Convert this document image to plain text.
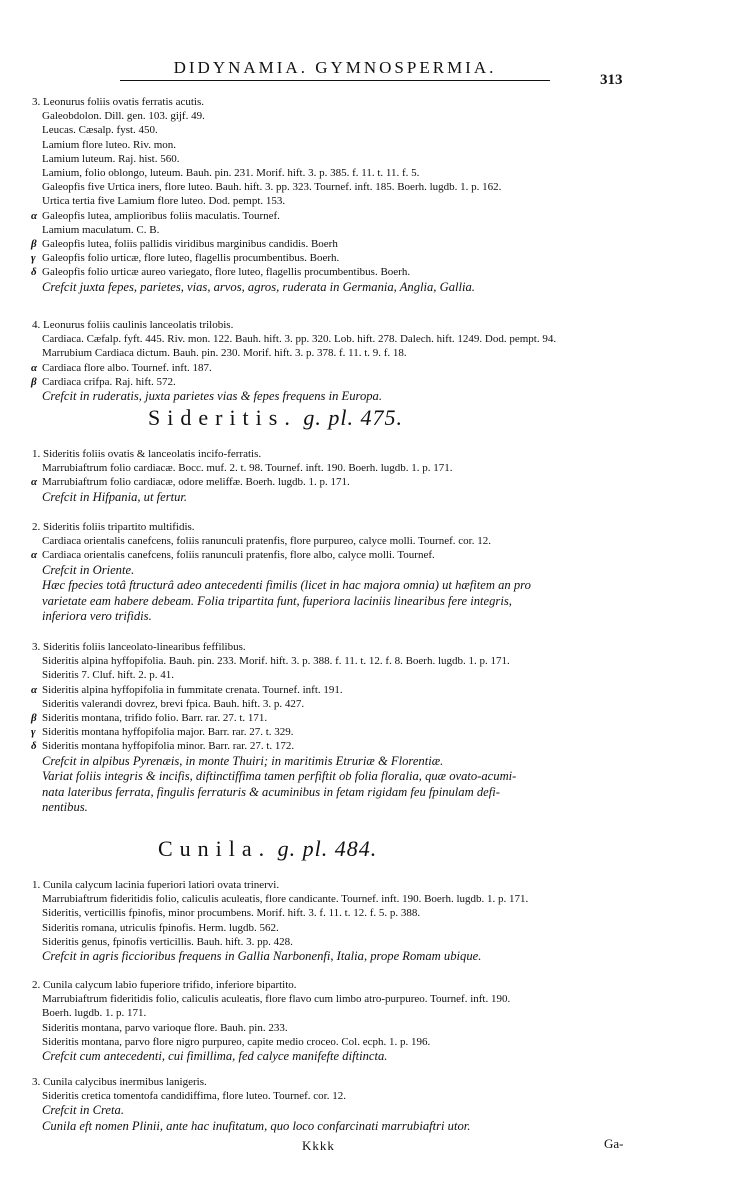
DIDYNAMIA. GYMNOSPERMIA.
313
3. Leonurus foliis ovatis ferratis acutis.
Galeobdolon. Dill. gen. 103. gijf. 49.
Leucas. Cæsalp. fyst. 450.
Lamium flore luteo. Riv. mon.
Lamium luteum. Raj. hist. 560.
Lamium, folio oblongo, luteum. Bauh. pin. 231. Morif. hift. 3. p. 385. f. 11. t. 11. f. 5.
Galeopfis five Urtica iners, flore luteo. Bauh. hift. 3. pp. 323. Tournef. inft. 185. Boerh. lugdb. 1. p. 162.
Urtica tertia five Lamium flore luteo. Dod. pempt. 153.
α Galeopfis lutea, amplioribus foliis maculatis. Tournef.
Lamium maculatum. C. B.
β Galeopfis lutea, foliis pallidis viridibus marginibus candidis. Boerh
γ Galeopfis folio urticæ, flore luteo, flagellis procumbentibus. Boerh.
δ Galeopfis folio urticæ aureo variegato, flore luteo, flagellis procumbentibus. Boerh.
Crefcit juxta fepes, parietes, vias, arvos, agros, ruderata in Germania, Anglia, Gallia.
4. Leonurus foliis caulinis lanceolatis trilobis.
Cardiaca. Cæfalp. fyft. 445. Riv. mon. 122. Bauh. hift. 3. pp. 320. Lob. hift. 278. Dalech. hift. 1249. Dod. pempt. 94.
Marrubium Cardiaca dictum. Bauh. pin. 230. Morif. hift. 3. p. 378. f. 11. t. 9. f. 18.
α Cardiaca flore albo. Tournef. inft. 187.
β Cardiaca crifpa. Raj. hift. 572.
Crefcit in ruderatis, juxta parietes vias & fepes frequens in Europa.
Sideritis. g. pl. 475.
1. Sideritis foliis ovatis & lanceolatis incifo-ferratis.
Marrubiaftrum folio cardiacæ. Bocc. muf. 2. t. 98. Tournef. inft. 190. Boerh. lugdb. 1. p. 171.
α Marrubiaftrum folio cardiacæ, odore meliffæ. Boerh. lugdb. 1. p. 171.
Crefcit in Hifpania, ut fertur.
2. Sideritis foliis tripartito multifidis.
Cardiaca orientalis canefcens, foliis ranunculi pratenfis, flore purpureo, calyce molli. Tournef. cor. 12.
α Cardiaca orientalis canefcens, foliis ranunculi pratenfis, flore albo, calyce molli. Tournef.
Crefcit in Oriente.
Hæc fpecies totâ ftructurâ adeo antecedenti fimilis (licet in hac majora omnia) ut hæfitem an pro
varietate eam habere debeam. Folia tripartita funt, fuperiora laciniis linearibus fere integris,
inferiora vero trifidis.
3. Sideritis foliis lanceolato-linearibus feffilibus.
Sideritis alpina hyffopifolia. Bauh. pin. 233. Morif. hift. 3. p. 388. f. 11. t. 12. f. 8. Boerh. lugdb. 1. p. 171.
Sideritis 7. Cluf. hift. 2. p. 41.
α Sideritis alpina hyffopifolia in fummitate crenata. Tournef. inft. 191.
Sideritis valerandi dovrez, brevi fpica. Bauh. hift. 3. p. 427.
β Sideritis montana, trifido folio. Barr. rar. 27. t. 171.
γ Sideritis montana hyffopifolia major. Barr. rar. 27. t. 329.
δ Sideritis montana hyffopifolia minor. Barr. rar. 27. t. 172.
Crefcit in alpibus Pyrenæis, in monte Thuiri; in maritimis Etruriæ & Florentiæ.
Variat foliis integris & incifis, diftinctiffima tamen perfiftit ob folia floralia, quæ ovato-acumi-
nata lateribus ferrata, fingulis ferraturis & acuminibus in fetam rigidam feu fpinulam defi-
nentibus.
Cunila. g. pl. 484.
1. Cunila calycum lacinia fuperiori latiori ovata trinervi.
Marrubiaftrum fideritidis folio, caliculis aculeatis, flore candicante. Tournef. inft. 190. Boerh. lugdb. 1. p. 171.
Sideritis, verticillis fpinofis, minor procumbens. Morif. hift. 3. f. 11. t. 12. f. 5. p. 388.
Sideritis romana, utriculis fpinofis. Herm. lugdb. 562.
Sideritis genus, fpinofis verticillis. Bauh. hift. 3. pp. 428.
Crefcit in agris ficcioribus frequens in Gallia Narbonenfi, Italia, prope Romam ubique.
2. Cunila calycum labio fuperiore trifido, inferiore bipartito.
Marrubiaftrum fideritidis folio, caliculis aculeatis, flore flavo cum limbo atro-purpureo. Tournef. inft. 190.
Boerh. lugdb. 1. p. 171.
Sideritis montana, parvo varioque flore. Bauh. pin. 233.
Sideritis montana, parvo flore nigro purpureo, capite medio croceo. Col. ecph. 1. p. 196.
Crefcit cum antecedenti, cui fimillima, fed calyce manifefte diftincta.
3. Cunila calycibus inermibus lanigeris.
Sideritis cretica tomentofa candidiffima, flore luteo. Tournef. cor. 12.
Crefcit in Creta.
Cunila eft nomen Plinii, ante hac inufitatum, quo loco confarcinati marrubiaftri utor.
Kkkk	Ga-
